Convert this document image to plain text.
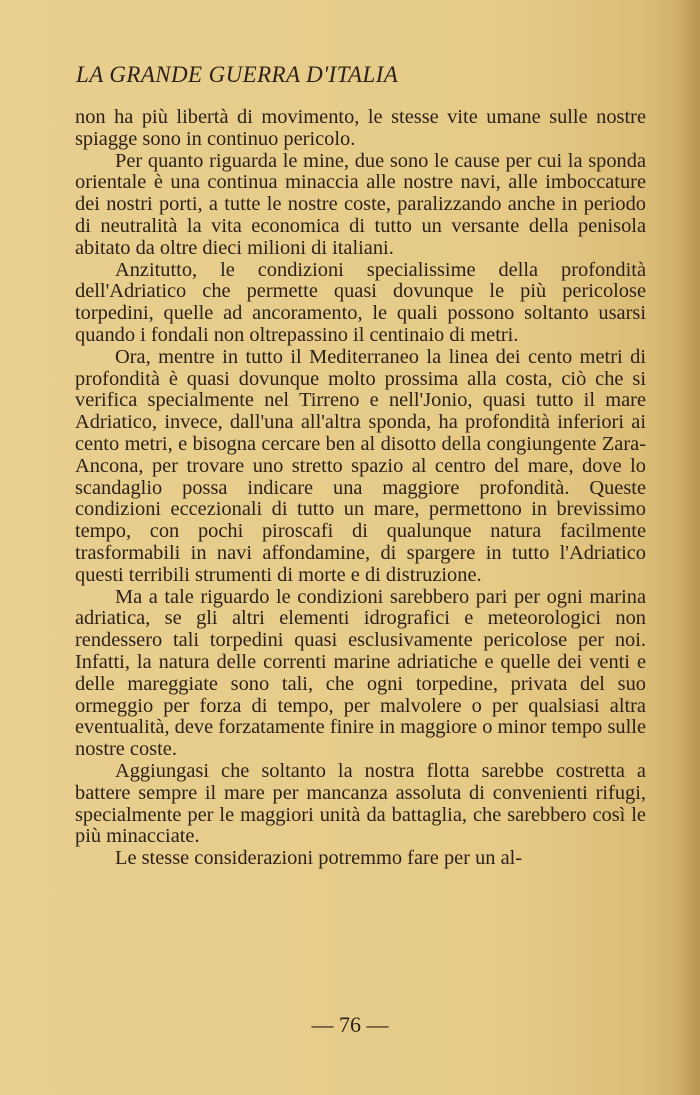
LA GRANDE GUERRA D'ITALIA

non ha più libertà di movimento, le stesse vite umane sulle nostre spiagge sono in continuo pericolo.

Per quanto riguarda le mine, due sono le cause per cui la sponda orientale è una continua minaccia alle nostre navi, alle imboccature dei nostri porti, a tutte le nostre coste, paralizzando anche in periodo di neutralità la vita economica di tutto un versante della penisola abitato da oltre dieci milioni di italiani.

Anzitutto, le condizioni specialissime della profondità dell'Adriatico che permette quasi dovunque le più pericolose torpedini, quelle ad ancoramento, le quali possono soltanto usarsi quando i fondali non oltrepassino il centinaio di metri.

Ora, mentre in tutto il Mediterraneo la linea dei cento metri di profondità è quasi dovunque molto prossima alla costa, ciò che si verifica specialmente nel Tirreno e nell'Jonio, quasi tutto il mare Adriatico, invece, dall'una all'altra sponda, ha profondità inferiori ai cento metri, e bisogna cercare ben al disotto della congiungente Zara-Ancona, per trovare uno stretto spazio al centro del mare, dove lo scandaglio possa indicare una maggiore profondità. Queste condizioni eccezionali di tutto un mare, permettono in brevissimo tempo, con pochi piroscafi di qualunque natura facilmente trasformabili in navi affondamine, di spargere in tutto l'Adriatico questi terribili strumenti di morte e di distruzione.

Ma a tale riguardo le condizioni sarebbero pari per ogni marina adriatica, se gli altri elementi idrografici e meteorologici non rendessero tali torpedini quasi esclusivamente pericolose per noi. Infatti, la natura delle correnti marine adriatiche e quelle dei venti e delle mareggiate sono tali, che ogni torpedine, privata del suo ormeggio per forza di tempo, per malvolere o per qualsiasi altra eventualità, deve forzatamente finire in maggiore o minor tempo sulle nostre coste.

Aggiungasi che soltanto la nostra flotta sarebbe costretta a battere sempre il mare per mancanza assoluta di convenienti rifugi, specialmente per le maggiori unità da battaglia, che sarebbero così le più minacciate.

Le stesse considerazioni potremmo fare per un al-

— 76 —
